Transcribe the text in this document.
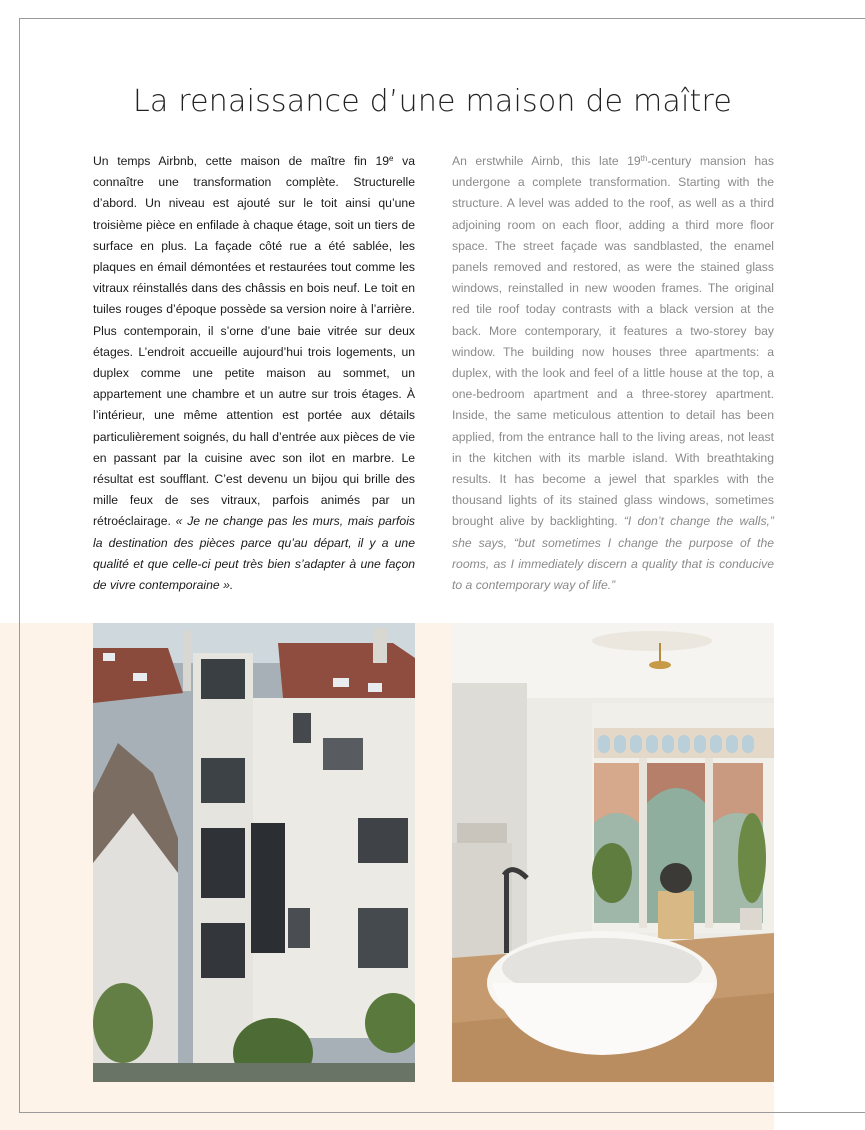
La renaissance d’une maison de maître

Un temps Airbnb, cette maison de maître fin 19e va connaître une transformation complète. Structurelle d’abord. Un niveau est ajouté sur le toit ainsi qu’une troisième pièce en enfilade à chaque étage, soit un tiers de surface en plus. La façade côté rue a été sablée, les plaques en émail démontées et restaurées tout comme les vitraux réinstallés dans des châssis en bois neuf. Le toit en tuiles rouges d’époque possède sa version noire à l’arrière. Plus contemporain, il s’orne d’une baie vitrée sur deux étages. L’endroit accueille aujourd’hui trois logements, un duplex comme une petite maison au sommet, un appartement une chambre et un autre sur trois étages. À l’intérieur, une même attention est portée aux détails particulièrement soignés, du hall d’entrée aux pièces de vie en passant par la cuisine avec son ilot en marbre. Le résultat est soufflant. C’est devenu un bijou qui brille des mille feux de ses vitraux, parfois animés par un rétroéclairage. « Je ne change pas les murs, mais parfois la destination des pièces parce qu’au départ, il y a une qualité et que celle-ci peut très bien s’adapter à une façon de vivre contemporaine ».

An erstwhile Airnb, this late 19th-century mansion has undergone a complete transformation. Starting with the structure. A level was added to the roof, as well as a third adjoining room on each floor, adding a third more floor space. The street façade was sandblasted, the enamel panels removed and restored, as were the stained glass windows, reinstalled in new wooden frames. The original red tile roof today contrasts with a black version at the back. More contemporary, it features a two-storey bay window. The building now houses three apartments: a duplex, with the look and feel of a little house at the top, a one-bedroom apartment and a three-storey apartment. Inside, the same meticulous attention to detail has been applied, from the entrance hall to the living areas, not least in the kitchen with its marble island. With breathtaking results. It has become a jewel that sparkles with the thousand lights of its stained glass windows, sometimes brought alive by backlighting. “I don’t change the walls,” she says, “but sometimes I change the purpose of the rooms, as I immediately discern a quality that is conducive to a contemporary way of life.”
